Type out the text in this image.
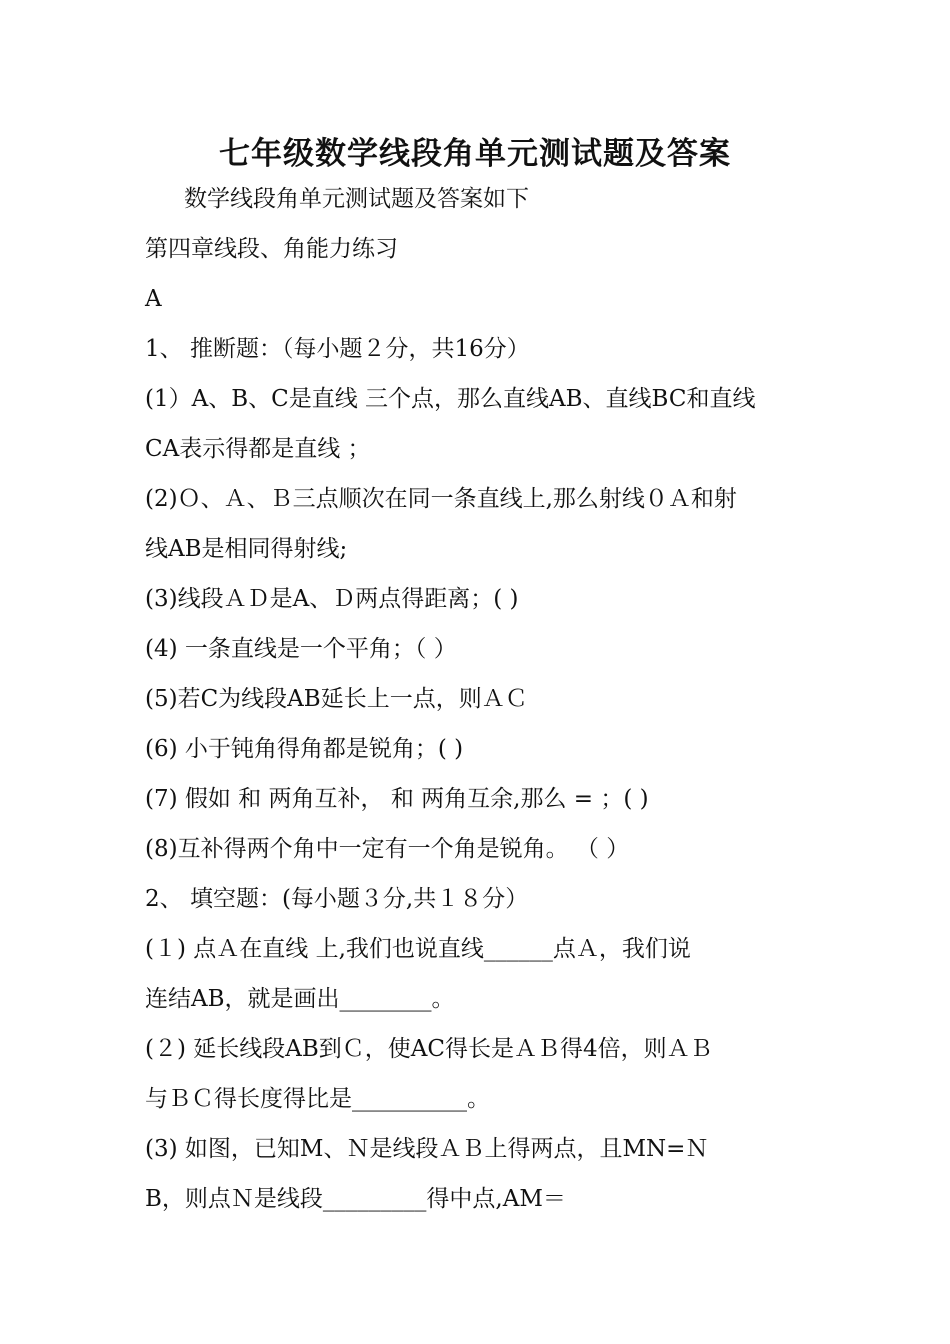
七年级数学线段角单元测试题及答案
数学线段角单元测试题及答案如下
第四章线段、角能力练习
A
1、 推断题：（每小题２分，共16分）
(1）A、B、C是直线 三个点，那么直线AB、直线BC和直线
CA表示得都是直线 ；
(2)Ｏ、Ａ、Ｂ三点顺次在同一条直线上,那么射线０Ａ和射
线AB是相同得射线;
(3)线段ＡＤ是A、Ｄ两点得距离；( )
(4) 一条直线是一个平角；（ ）
(5)若C为线段AB延长上一点，则ＡＣ
(6) 小于钝角得角都是锐角；( )
(7) 假如 和 两角互补， 和 两角互余,那么 = ；( )
(8)互补得两个角中一定有一个角是锐角。 （ ）
2、 填空题：(每小题３分,共１８分）
(１) 点Ａ在直线 上,我们也说直线______点Ａ，我们说
连结AB，就是画出________。
(２) 延长线段AB到Ｃ，使AC得长是ＡＢ得4倍，则ＡＢ
与ＢＣ得长度得比是__________。
(3) 如图，已知M、Ｎ是线段ＡＢ上得两点，且MN=Ｎ
B，则点Ｎ是线段_________得中点,AM＝
